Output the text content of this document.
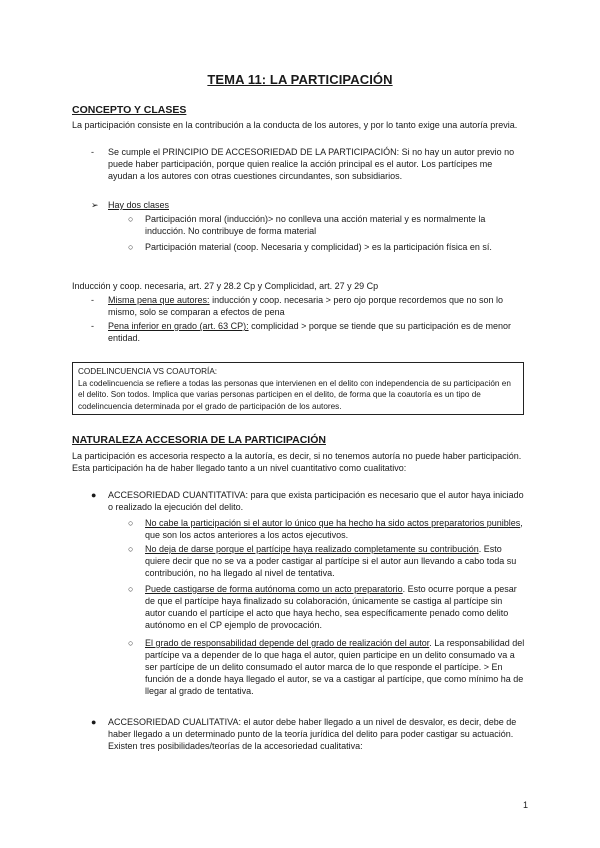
TEMA 11: LA PARTICIPACIÓN
CONCEPTO Y CLASES
La participación consiste en la contribución a la conducta de los autores, y por lo tanto exige una autoría previa.
- Se cumple el PRINCIPIO DE ACCESORIEDAD DE LA PARTICIPACIÓN: Si no hay un autor previo no puede haber participación, porque quien realice la acción principal es el autor. Los partícipes me ayudan a los autores con otras cuestiones circundantes, son subsidiarios.
➢ Hay dos clases
○ Participación moral (inducción)> no conlleva una acción material y es normalmente la inducción. No contribuye de forma material
○ Participación material (coop. Necesaria y complicidad) > es la participación física en sí.
Inducción y coop. necesaria, art. 27 y 28.2 Cp y Complicidad, art. 27 y 29 Cp
- Misma pena que autores: inducción y coop. necesaria > pero ojo porque recordemos que no son lo mismo, solo se comparan a efectos de pena
- Pena inferior en grado (art. 63 CP): complicidad > porque se tiende que su participación es de menor entidad.
CODELINCUENCIA VS COAUTORÍA:
La codelincuencia se refiere a todas las personas que intervienen en el delito con independencia de su participación en el delito. Son todos. Implica que varias personas participen en el delito, de forma que la coautoría es un tipo de codelincuencia determinada por el grado de participación de los autores.
NATURALEZA ACCESORIA DE LA PARTICIPACIÓN
La participación es accesoria respecto a la autoría, es decir, si no tenemos autoría no puede haber participación. Esta participación ha de haber llegado tanto a un nivel cuantitativo como cualitativo:
● ACCESORIEDAD CUANTITATIVA: para que exista participación es necesario que el autor haya iniciado o realizado la ejecución del delito.
○ No cabe la participación si el autor lo único que ha hecho ha sido actos preparatorios punibles, que son los actos anteriores a los actos ejecutivos.
○ No deja de darse porque el partícipe haya realizado completamente su contribución. Esto quiere decir que no se va a poder castigar al partícipe si el autor aun llevando a cabo toda su contribución, no ha llegado al nivel de tentativa.
○ Puede castigarse de forma autónoma como un acto preparatorio. Esto ocurre porque a pesar de que el partícipe haya finalizado su colaboración, únicamente se castiga al partícipe sin autor cuando el partícipe el acto que haya hecho, sea específicamente penado como delito autónomo en el CP ejemplo de provocación.
○ El grado de responsabilidad depende del grado de realización del autor. La responsabilidad del partícipe va a depender de lo que haga el autor, quien participe en un delito consumado va a ser partícipe de un delito consumado el autor marca de lo que responde el partícipe. > En función de a donde haya llegado el autor, se va a castigar al partícipe, que como mínimo ha de llegar al grado de tentativa.
● ACCESORIEDAD CUALITATIVA: el autor debe haber llegado a un nivel de desvalor, es decir, debe de haber llegado a un determinado punto de la teoría jurídica del delito para poder castigar su actuación. Existen tres posibilidades/teorías de la accesoriedad cualitativa:
1
